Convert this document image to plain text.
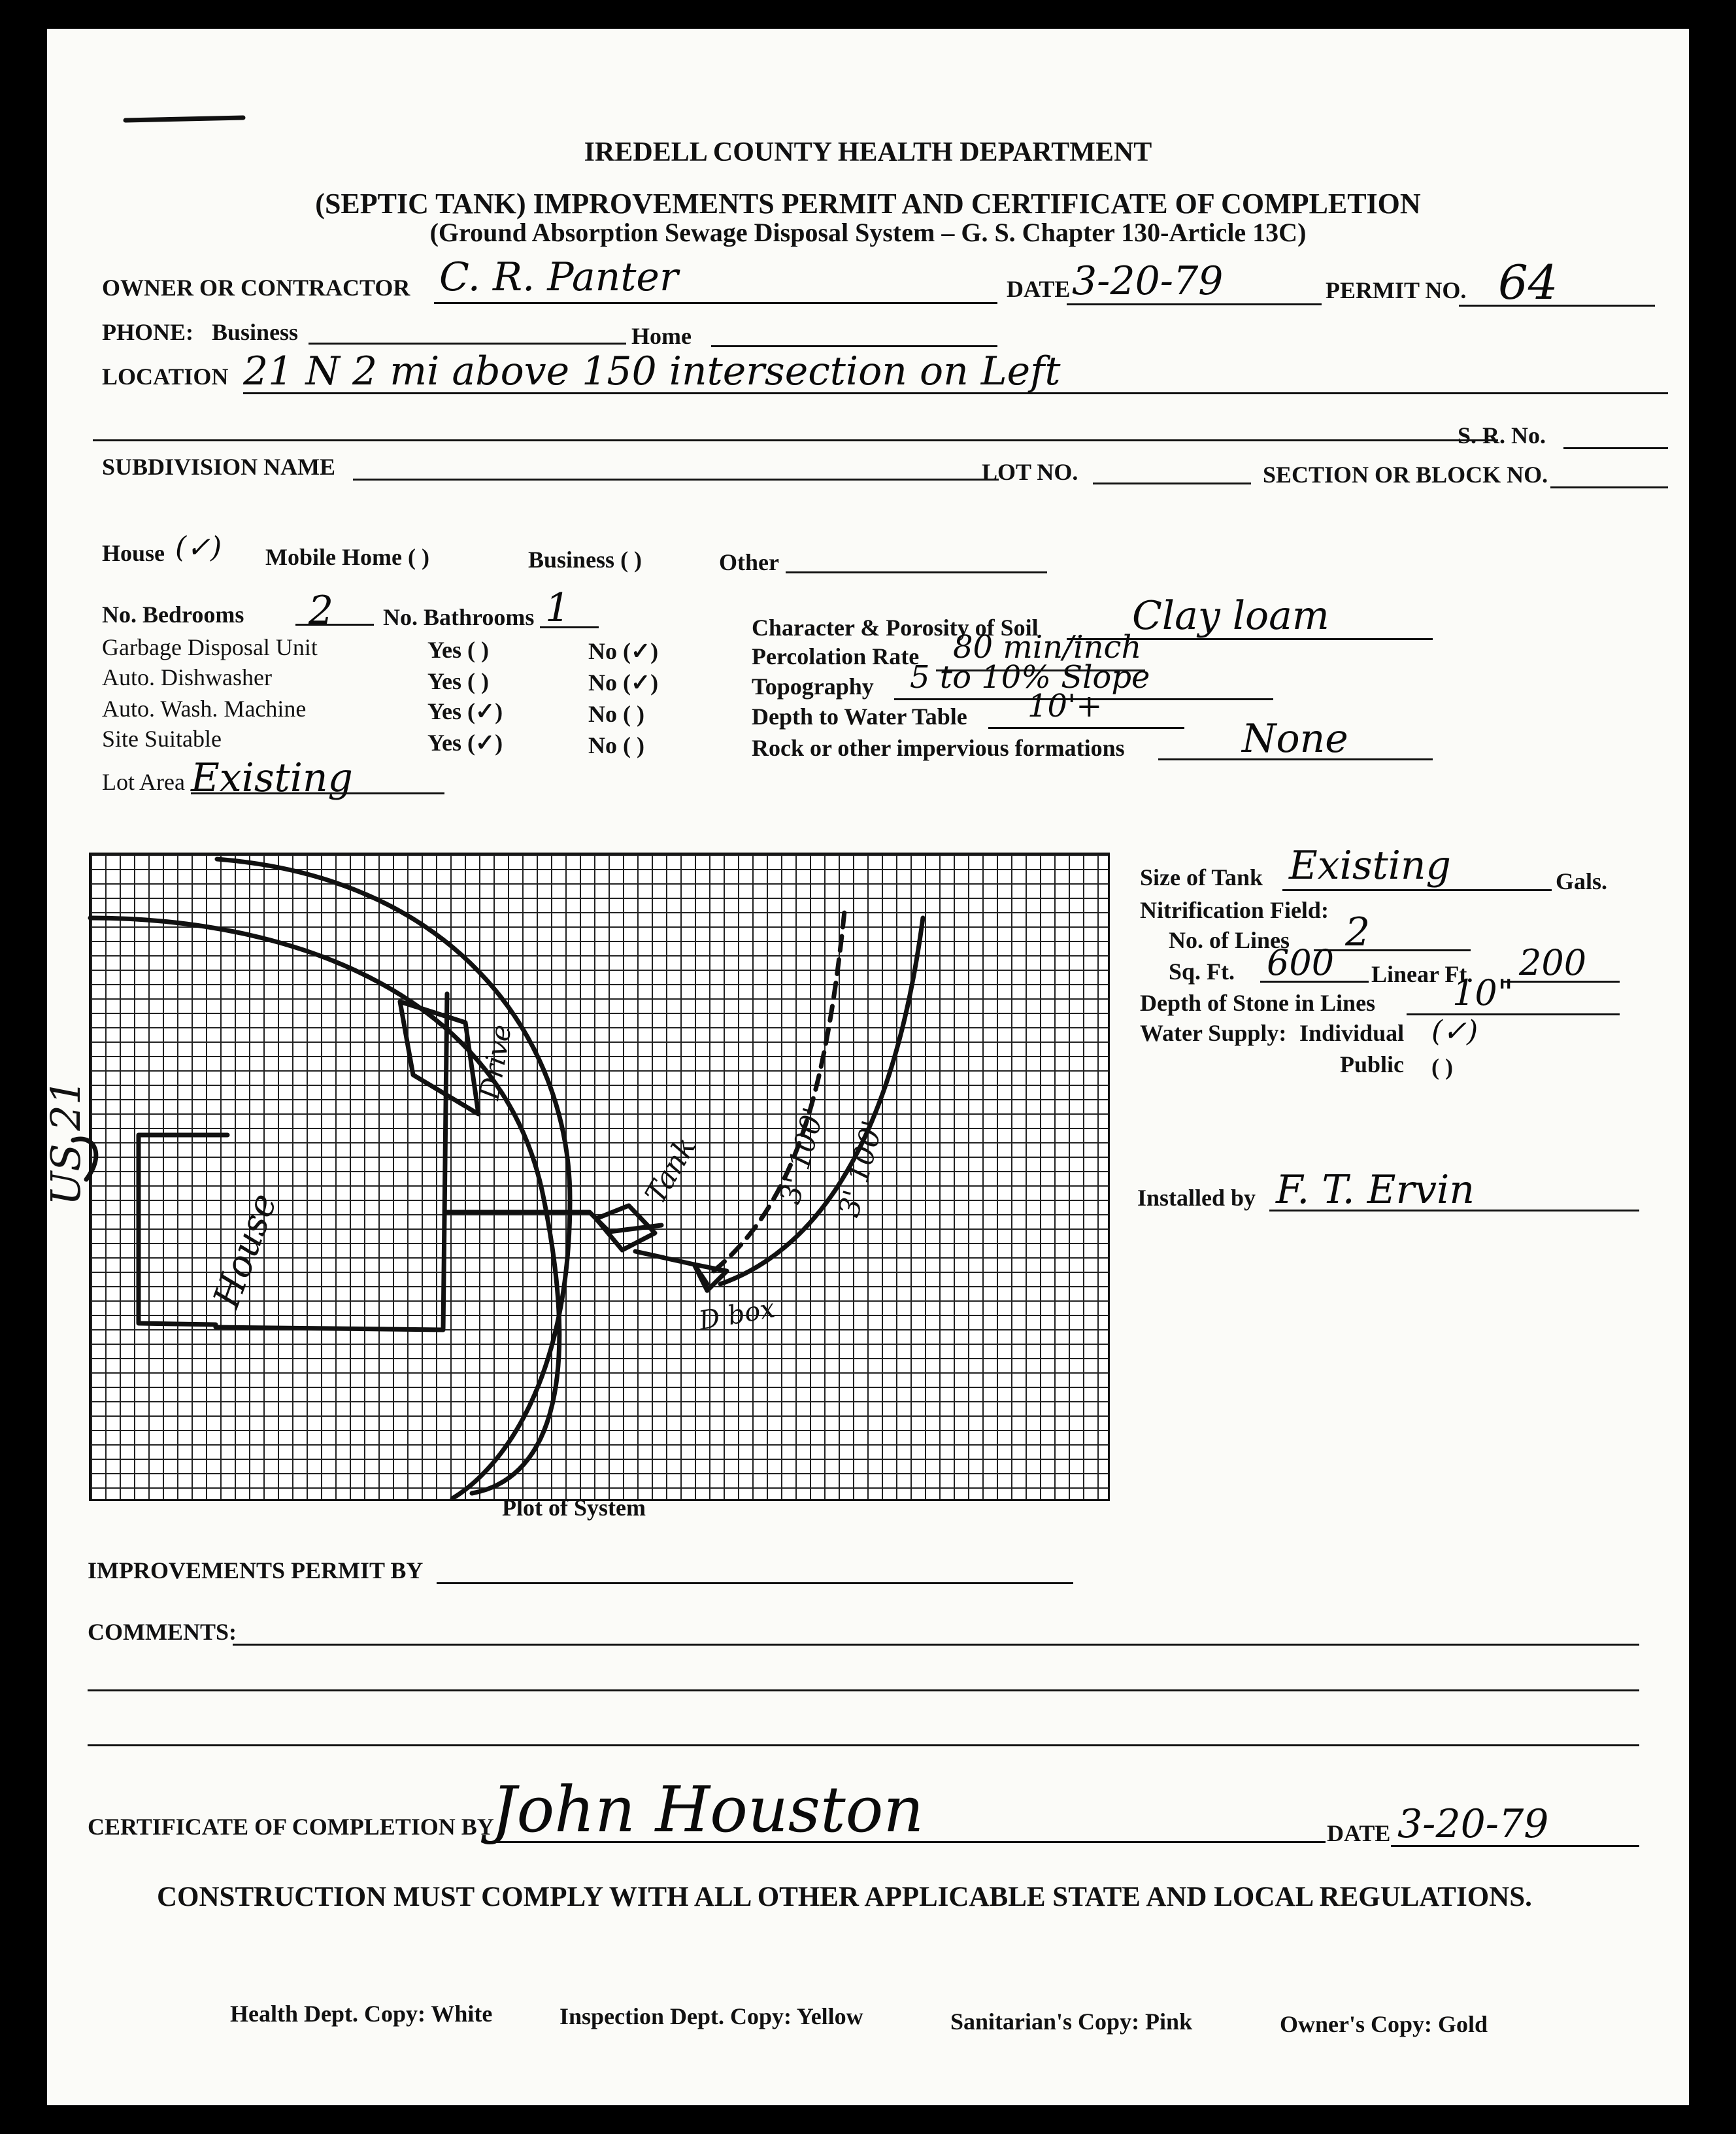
IREDELL COUNTY HEALTH DEPARTMENT
(SEPTIC TANK) IMPROVEMENTS PERMIT AND CERTIFICATE OF COMPLETION
(Ground Absorption Sewage Disposal System – G. S. Chapter 130-Article 13C)
OWNER OR CONTRACTOR C. R. Panter	DATE 3-20-79	PERMIT NO. 64
PHONE: Business	Home
LOCATION 21 N 2 mi above 150 intersection on Left
S. R. No.
SUBDIVISION NAME	LOT NO.	SECTION OR BLOCK NO.
House (✓) Mobile Home ( )	Business ( )	Other
No. Bedrooms 2 No. Bathrooms 1
Garbage Disposal Unit	Yes ( )	No (✓)
Auto. Dishwasher	Yes ( )	No (✓)
Auto. Wash. Machine	Yes (✓)	No ( )
Site Suitable	Yes (✓)	No ( )
Lot Area Existing
Character & Porosity of Soil Clay loam
Percolation Rate 80 min/inch
Topography 5 to 10% Slope
Depth to Water Table 10'+
Rock or other impervious formations	None
Plot of System
US 21
House
Drive
Tank 3' 100' 3' 100'
D box
Size of Tank Existing	Gals.
Nitrification Field:
No. of Lines 2
Sq. Ft. 600 Linear Ft. 200
Depth of Stone in Lines 10"
Water Supply: Individual (✓)
Public ( )
Installed by F. T. Ervin
IMPROVEMENTS PERMIT BY
COMMENTS:
CERTIFICATE OF COMPLETION BY
John Houston	DATE 3-20-79
CONSTRUCTION MUST COMPLY WITH ALL OTHER APPLICABLE STATE AND LOCAL REGULATIONS.
Health Dept. Copy: White	Inspection Dept. Copy: Yellow	Sanitarian's Copy: Pink	Owner's Copy: Gold
